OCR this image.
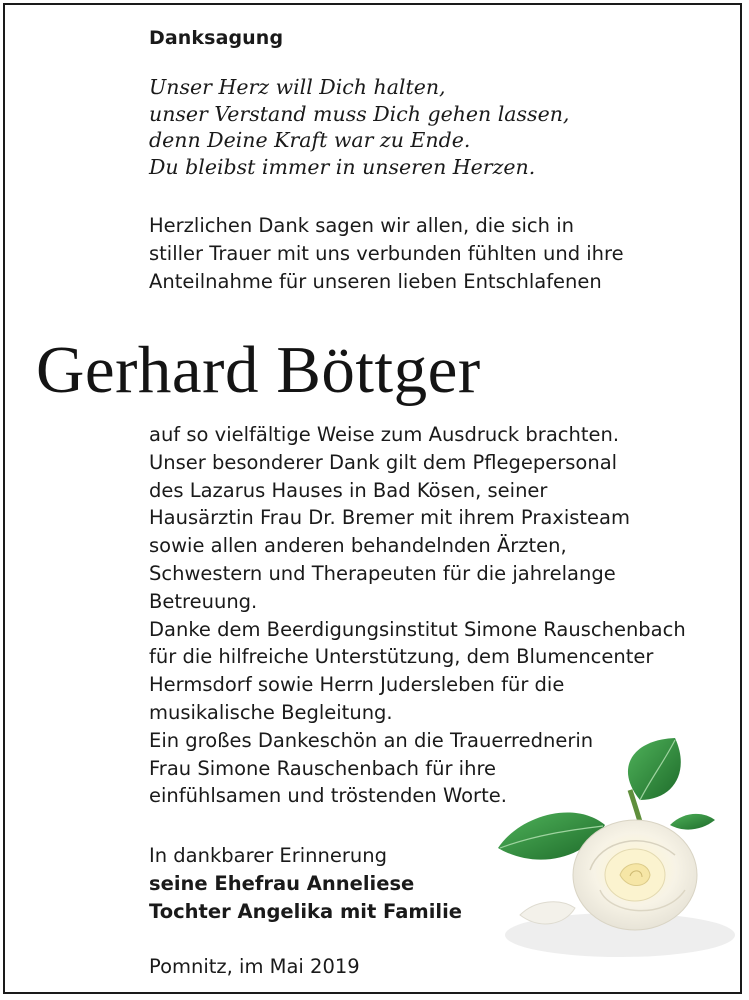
Danksagung
Unser Herz will Dich halten,
unser Verstand muss Dich gehen lassen,
denn Deine Kraft war zu Ende.
Du bleibst immer in unseren Herzen.
Herzlichen Dank sagen wir allen, die sich in
stiller Trauer mit uns verbunden fühlten und ihre
Anteilnahme für unseren lieben Entschlafenen
Gerhard Böttger
auf so vielfältige Weise zum Ausdruck brachten.
Unser besonderer Dank gilt dem Pflegepersonal
des Lazarus Hauses in Bad Kösen, seiner
Hausärztin Frau Dr. Bremer mit ihrem Praxisteam
sowie allen anderen behandelnden Ärzten,
Schwestern und Therapeuten für die jahrelange
Betreuung.
Danke dem Beerdigungsinstitut Simone Rauschenbach
für die hilfreiche Unterstützung, dem Blumencenter
Hermsdorf sowie Herrn Judersleben für die
musikalische Begleitung.
Ein großes Dankeschön an die Trauerrednerin
Frau Simone Rauschenbach für ihre
einfühlsamen und tröstenden Worte.
In dankbarer Erinnerung
seine Ehefrau Anneliese
Tochter Angelika mit Familie
Pomnitz, im Mai 2019
